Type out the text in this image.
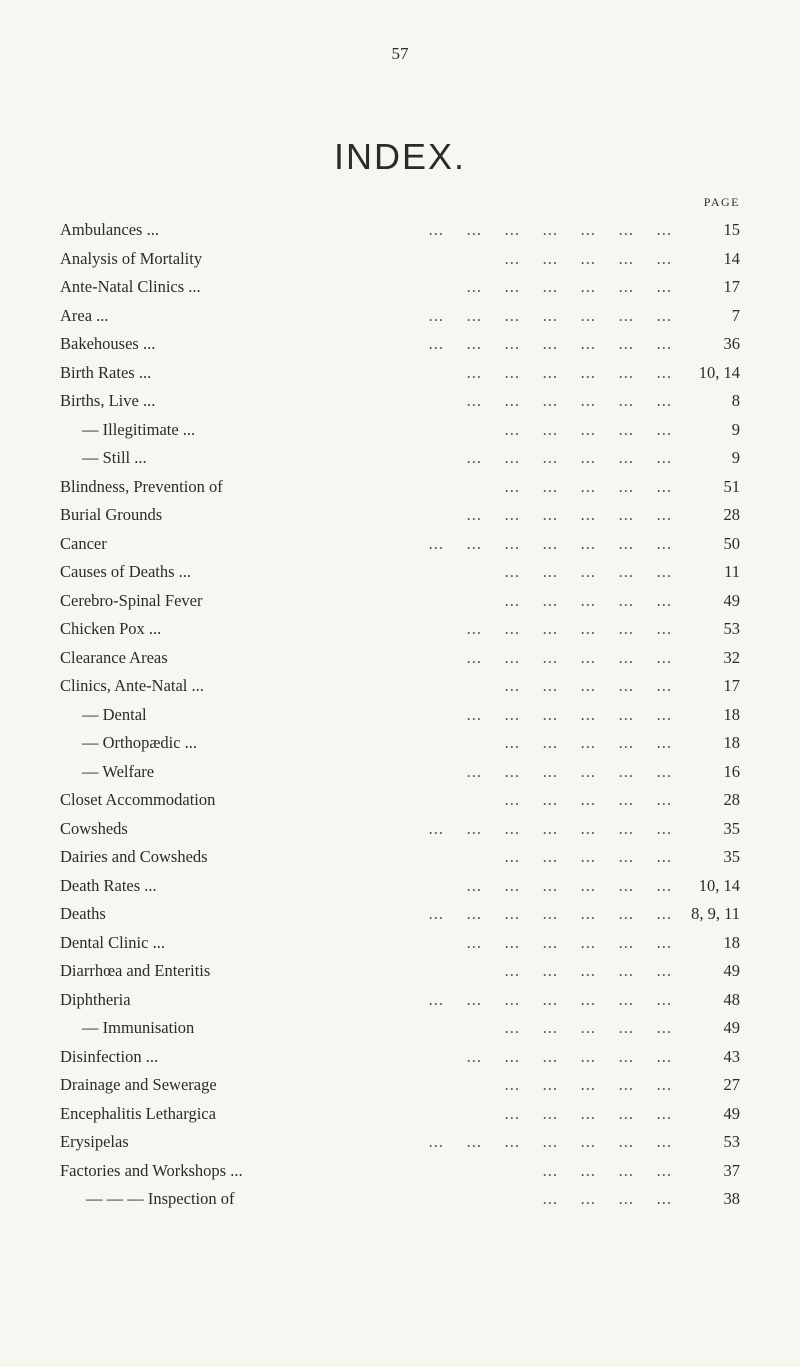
57
INDEX.
PAGE
Ambulances ...	...  ...  ...  ...  ...  ...  ...	15
Analysis of Mortality	...  ...  ...  ...  ...	14
Ante-Natal Clinics ...	...  ...  ...  ...  ...  ...	17
Area ...	...  ...  ...  ...  ...  ...  ...	7
Bakehouses ...	...  ...  ...  ...  ...  ...  ...	36
Birth Rates ...	...  ...  ...  ...  ...  ...	10, 14
Births, Live ...	...  ...  ...  ...  ...  ...	8
— Illegitimate ...	...  ...  ...  ...  ...	9
— Still ...	...  ...  ...  ...  ...  ...	9
Blindness, Prevention of	...  ...  ...  ...  ...	51
Burial Grounds	...  ...  ...  ...  ...  ...	28
Cancer	...  ...  ...  ...  ...  ...  ...	50
Causes of Deaths ...	...  ...  ...  ...  ...	11
Cerebro-Spinal Fever	...  ...  ...  ...  ...	49
Chicken Pox ...	...  ...  ...  ...  ...  ...	53
Clearance Areas	...  ...  ...  ...  ...  ...	32
Clinics, Ante-Natal ...	...  ...  ...  ...  ...	17
— Dental	...  ...  ...  ...  ...  ...	18
— Orthopædic ...	...  ...  ...  ...  ...	18
— Welfare	...  ...  ...  ...  ...  ...	16
Closet Accommodation	...  ...  ...  ...  ...	28
Cowsheds	...  ...  ...  ...  ...  ...  ...	35
Dairies and Cowsheds	...  ...  ...  ...  ...	35
Death Rates ...	...  ...  ...  ...  ...  ...	10, 14
Deaths	...  ...  ...  ...  ...  ...  ...	8, 9, 11
Dental Clinic ...	...  ...  ...  ...  ...  ...	18
Diarrhœa and Enteritis	...  ...  ...  ...  ...	49
Diphtheria	...  ...  ...  ...  ...  ...  ...	48
— Immunisation	...  ...  ...  ...  ...	49
Disinfection ...	...  ...  ...  ...  ...  ...	43
Drainage and Sewerage	...  ...  ...  ...  ...	27
Encephalitis Lethargica	...  ...  ...  ...  ...	49
Erysipelas	...  ...  ...  ...  ...  ...  ...	53
Factories and Workshops ...	...  ...  ...  ...	37
— — — Inspection of	...  ...  ...  ...	38
